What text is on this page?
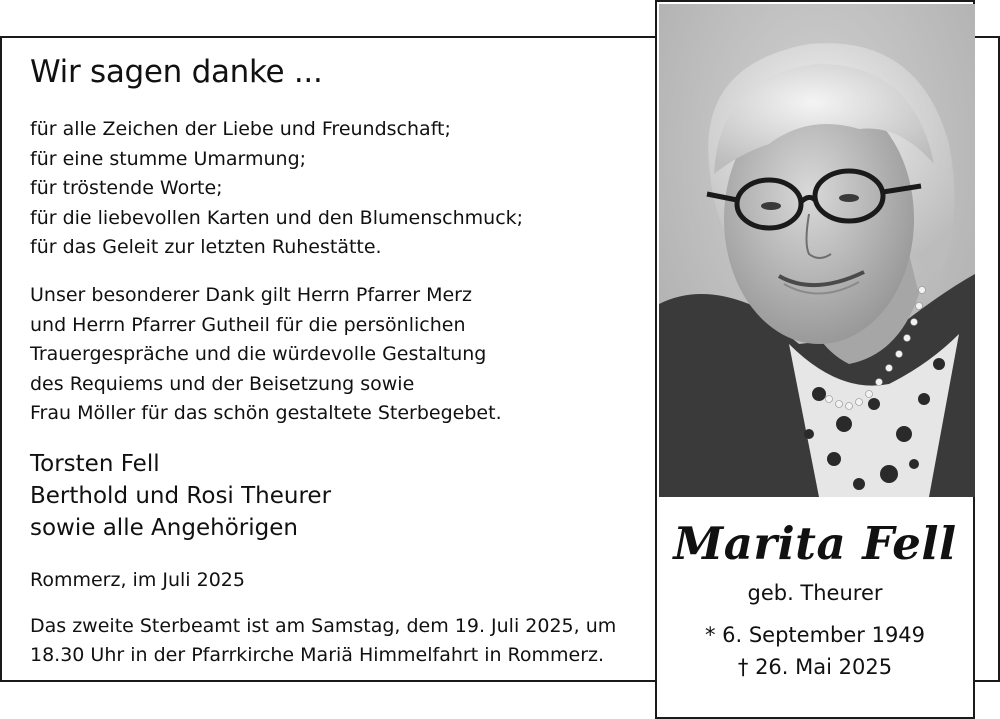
Wir sagen danke ...

für alle Zeichen der Liebe und Freundschaft;
für eine stumme Umarmung;
für tröstende Worte;
für die liebevollen Karten und den Blumenschmuck;
für das Geleit zur letzten Ruhestätte.

Unser besonderer Dank gilt Herrn Pfarrer Merz
und Herrn Pfarrer Gutheil für die persönlichen
Trauergespräche und die würdevolle Gestaltung
des Requiems und der Beisetzung sowie
Frau Möller für das schön gestaltete Sterbegebet.

Torsten Fell
Berthold und Rosi Theurer
sowie alle Angehörigen

Rommerz, im Juli 2025

Das zweite Sterbeamt ist am Samstag, dem 19. Juli 2025, um
18.30 Uhr in der Pfarrkirche Mariä Himmelfahrt in Rommerz.

Marita Fell

geb. Theurer

* 6. September 1949

† 26. Mai 2025
